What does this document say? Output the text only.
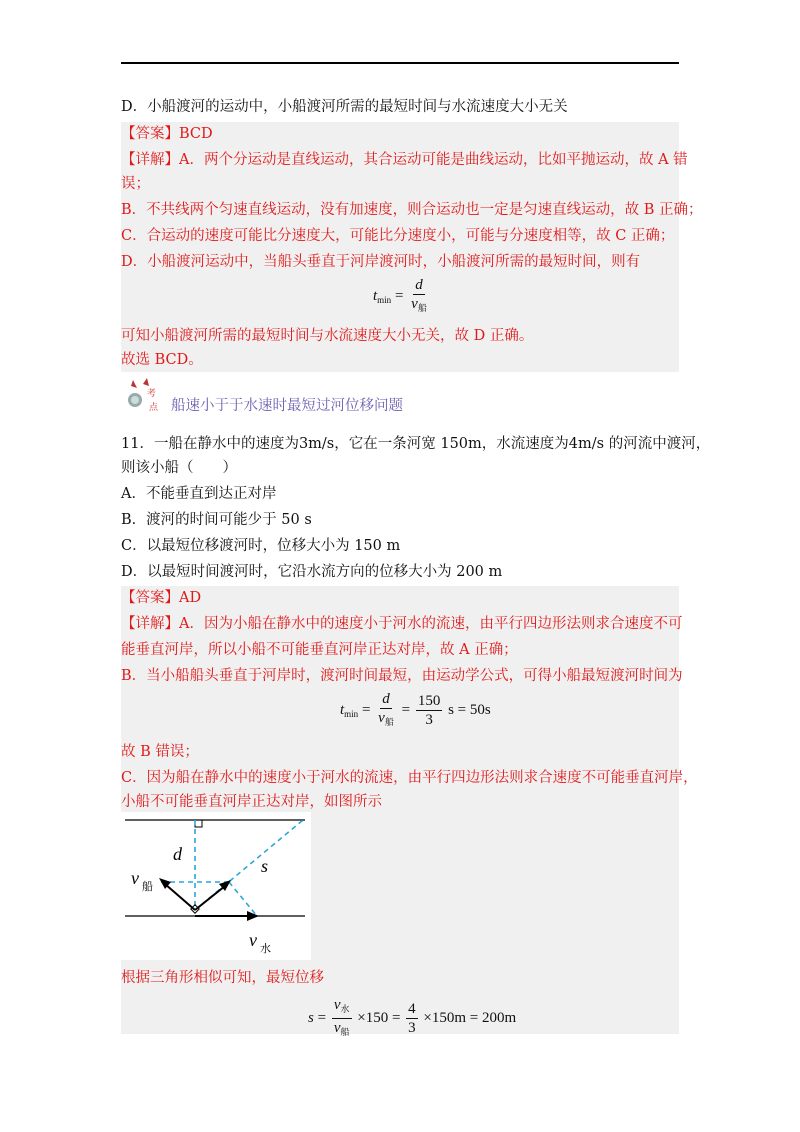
D．小船渡河的运动中，小船渡河所需的最短时间与水流速度大小无关
【答案】BCD
【详解】A．两个分运动是直线运动，其合运动可能是曲线运动，比如平抛运动，故 A 错
误；
B．不共线两个匀速直线运动，没有加速度，则合运动也一定是匀速直线运动，故 B 正确；
C．合运动的速度可能比分速度大，可能比分速度小，可能与分速度相等，故 C 正确；
D．小船渡河运动中，当船头垂直于河岸渡河时，小船渡河所需的最短时间，则有
$t_{min} = \frac{d}{v_船}$
可知小船渡河所需的最短时间与水流速度大小无关，故 D 正确。
故选 BCD。
考
点 船速小于于水速时最短过河位移问题
11．一船在静水中的速度为3m/s，它在一条河宽 150m，水流速度为4m/s 的河流中渡河，
则该小船（　　）
A．不能垂直到达正对岸
B．渡河的时间可能少于 50 s
C．以最短位移渡河时，位移大小为 150 m
D．以最短时间渡河时，它沿水流方向的位移大小为 200 m
【答案】AD
【详解】A．因为小船在静水中的速度小于河水的流速，由平行四边形法则求合速度不可
能垂直河岸，所以小船不可能垂直河岸正达对岸，故 A 正确；
B．当小船船头垂直于河岸时，渡河时间最短，由运动学公式，可得小船最短渡河时间为
$t_{min} = \frac{d}{v_船} = \frac{150}{3}$ s = 50s
故 B 错误；
C．因为船在静水中的速度小于河水的流速，由平行四边形法则求合速度不可能垂直河岸，
小船不可能垂直河岸正达对岸，如图所示
d
s
v 船
v 水
根据三角形相似可知，最短位移
$s = \frac{v_水}{v_船} \times 150 = \frac{4}{3} \times 150m = 200m$
